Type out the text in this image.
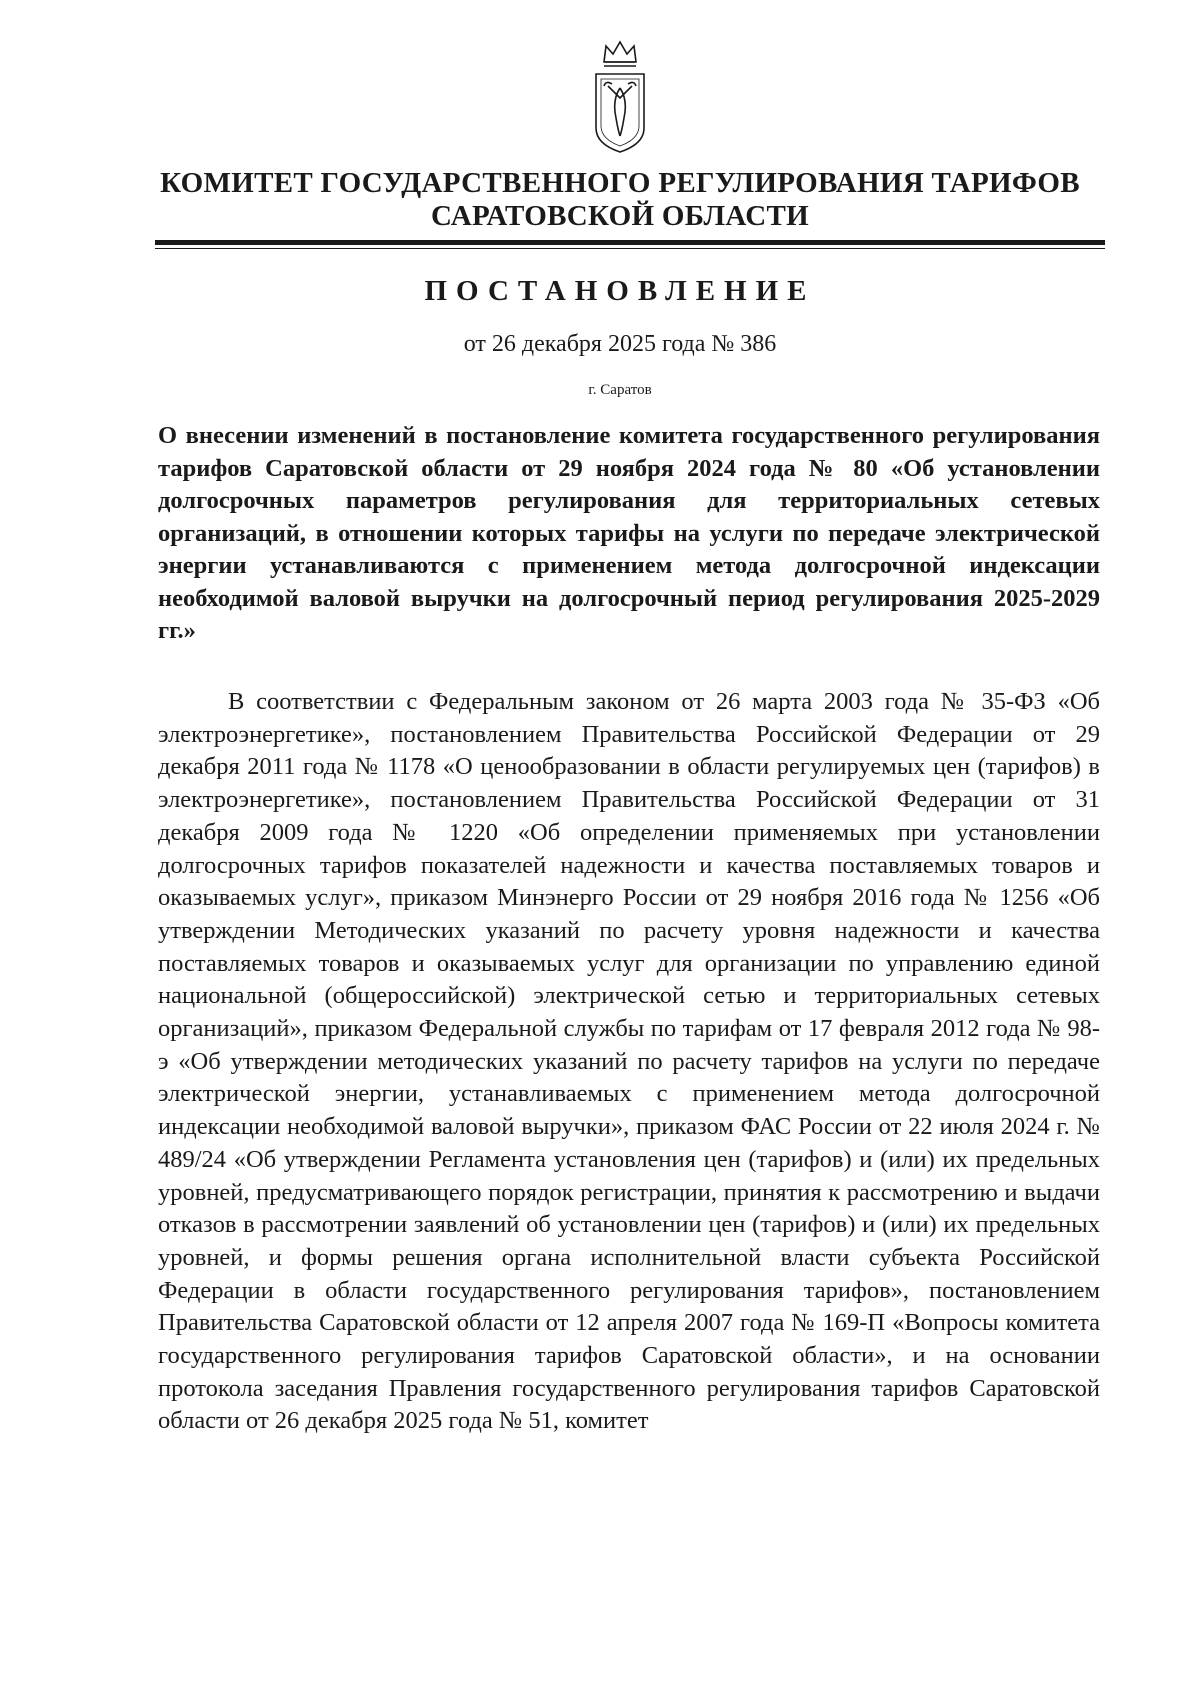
КОМИТЕТ ГОСУДАРСТВЕННОГО РЕГУЛИРОВАНИЯ ТАРИФОВ
САРАТОВСКОЙ ОБЛАСТИ
ПОСТАНОВЛЕНИЕ
от 26 декабря 2025 года № 386
г. Саратов

О внесении изменений в постановление комитета государственного регулирования тарифов Саратовской области от 29 ноября 2024 года № 80 «Об установлении долгосрочных параметров регулирования для территориальных сетевых организаций, в отношении которых тарифы на услуги по передаче электрической энергии устанавливаются с применением метода долгосрочной индексации необходимой валовой выручки на долгосрочный период регулирования 2025-2029 гг.»

В соответствии с Федеральным законом от 26 марта 2003 года № 35-ФЗ «Об электроэнергетике», постановлением Правительства Российской Федерации от 29 декабря 2011 года № 1178 «О ценообразовании в области регулируемых цен (тарифов) в электроэнергетике», постановлением Правительства Российской Федерации от 31 декабря 2009 года № 1220 «Об определении применяемых при установлении долгосрочных тарифов показателей надежности и качества поставляемых товаров и оказываемых услуг», приказом Минэнерго России от 29 ноября 2016 года № 1256 «Об утверждении Методических указаний по расчету уровня надежности и качества поставляемых товаров и оказываемых услуг для организации по управлению единой национальной (общероссийской) электрической сетью и территориальных сетевых организаций», приказом Федеральной службы по тарифам от 17 февраля 2012 года № 98-э «Об утверждении методических указаний по расчету тарифов на услуги по передаче электрической энергии, устанавливаемых с применением метода долгосрочной индексации необходимой валовой выручки», приказом ФАС России от 22 июля 2024 г. № 489/24 «Об утверждении Регламента установления цен (тарифов) и (или) их предельных уровней, предусматривающего порядок регистрации, принятия к рассмотрению и выдачи отказов в рассмотрении заявлений об установлении цен (тарифов) и (или) их предельных уровней, и формы решения органа исполнительной власти субъекта Российской Федерации в области государственного регулирования тарифов», постановлением Правительства Саратовской области от 12 апреля 2007 года № 169-П «Вопросы комитета государственного регулирования тарифов Саратовской области», и на основании протокола заседания Правления государственного регулирования тарифов Саратовской области от 26 декабря 2025 года № 51, комитет
